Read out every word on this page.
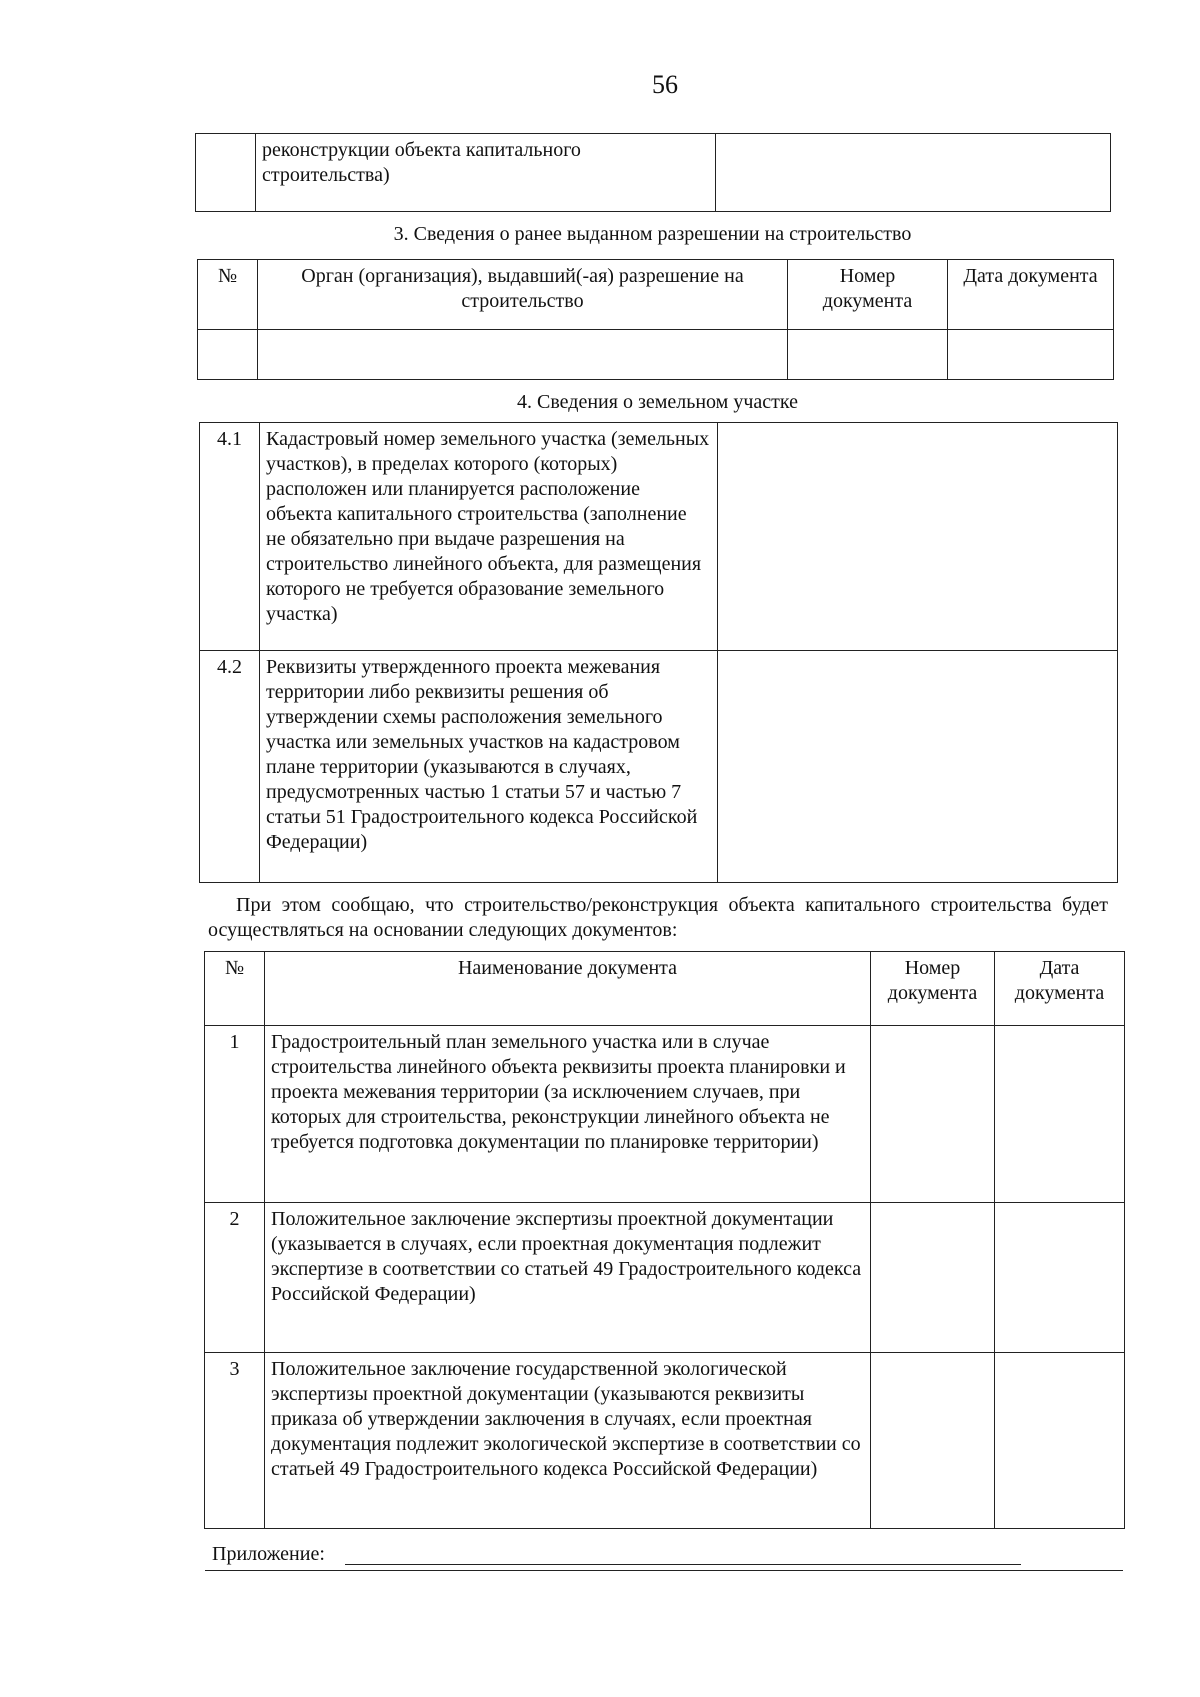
56
	реконструкции объекта капитального строительства)	
3. Сведения о ранее выданном разрешении на строительство
№	Орган (организация), выдавший(-ая) разрешение на строительство	Номер документа	Дата документа

4. Сведения о земельном участке
4.1	Кадастровый номер земельного участка (земельных участков), в пределах которого (которых) расположен или планируется расположение объекта капитального строительства (заполнение не обязательно при выдаче разрешения на строительство линейного объекта, для размещения которого не требуется образование земельного участка)	
4.2	Реквизиты утвержденного проекта межевания территории либо реквизиты решения об утверждении схемы расположения земельного участка или земельных участков на кадастровом плане территории (указываются в случаях, предусмотренных частью 1 статьи 57 и частью 7 статьи 51 Градостроительного кодекса Российской Федерации)	
При этом сообщаю, что строительство/реконструкция объекта капитального строительства будет осуществляться на основании следующих документов:
№	Наименование документа	Номер документа	Дата документа
1	Градостроительный план земельного участка или в случае строительства линейного объекта реквизиты проекта планировки и проекта межевания территории (за исключением случаев, при которых для строительства, реконструкции линейного объекта не требуется подготовка документации по планировке территории)		
2	Положительное заключение экспертизы проектной документации (указывается в случаях, если проектная документация подлежит экспертизе в соответствии со статьей 49 Градостроительного кодекса Российской Федерации)		
3	Положительное заключение государственной экологической экспертизы проектной документации (указываются реквизиты приказа об утверждении заключения в случаях, если проектная документация подлежит экологической экспертизе в соответствии со статьей 49 Градостроительного кодекса Российской Федерации)		
Приложение:
